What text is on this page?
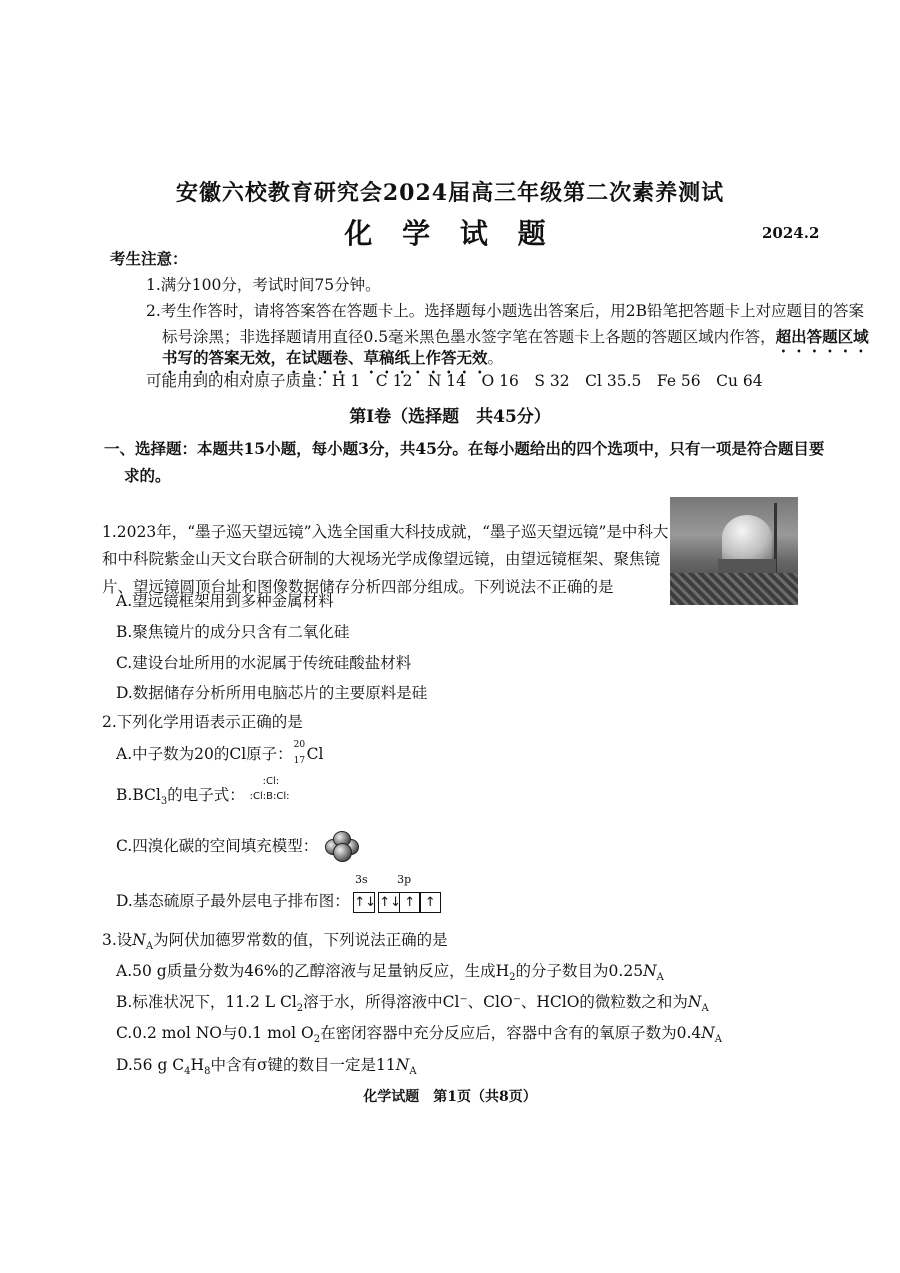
安徽六校教育研究会2024届高三年级第二次素养测试
化 学 试 题	2024.2
考生注意：
1.满分100分，考试时间75分钟。
2.考生作答时，请将答案答在答题卡上。选择题每小题选出答案后，用2B铅笔把答题卡上对应题目的答案
标号涂黑；非选择题请用直径0.5毫米黑色墨水签字笔在答题卡上各题的答题区域内作答，超出答题区域
书写的答案无效，在试题卷、草稿纸上作答无效。
可能用到的相对原子质量：H 1　C 12　N 14　O 16　S 32　Cl 35.5　Fe 56　Cu 64
第Ⅰ卷（选择题　共45分）
一、选择题：本题共15小题，每小题3分，共45分。在每小题给出的四个选项中，只有一项是符合题目要
求的。
1.2023年，“墨子巡天望远镜”入选全国重大科技成就，“墨子巡天望远镜”是中科大
和中科院紫金山天文台联合研制的大视场光学成像望远镜，由望远镜框架、聚焦镜
片、望远镜圆顶台址和图像数据储存分析四部分组成。下列说法不正确的是
A.望远镜框架用到多种金属材料
B.聚焦镜片的成分只含有二氧化硅
C.建设台址所用的水泥属于传统硅酸盐材料
D.数据储存分析所用电脑芯片的主要原料是硅
2.下列化学用语表示正确的是
A.中子数为20的Cl原子： 20
17 Cl
B.BCl$_3$的电子式：
:Cl:
:Cl:B:Cl:
C.四溴化碳的空间填充模型：
3s	3p
D.基态硫原子最外层电子排布图： ↑↓ ↑↓ ↑ ↑
3.设$N_A$为阿伏加德罗常数的值，下列说法正确的是
A.50 g质量分数为46%的乙醇溶液与足量钠反应，生成$H_2$的分子数目为$0.25N_A$
B.标准状况下，11.2 L $Cl_2$溶于水，所得溶液中Cl⁻、ClO⁻、HClO的微粒数之和为$N_A$
C.0.2 mol NO与0.1 mol $O_2$在密闭容器中充分反应后，容器中含有的氧原子数为$0.4N_A$
D.56 g $C_4H_8$中含有σ键的数目一定是$11N_A$
化学试题　第1页（共8页）
